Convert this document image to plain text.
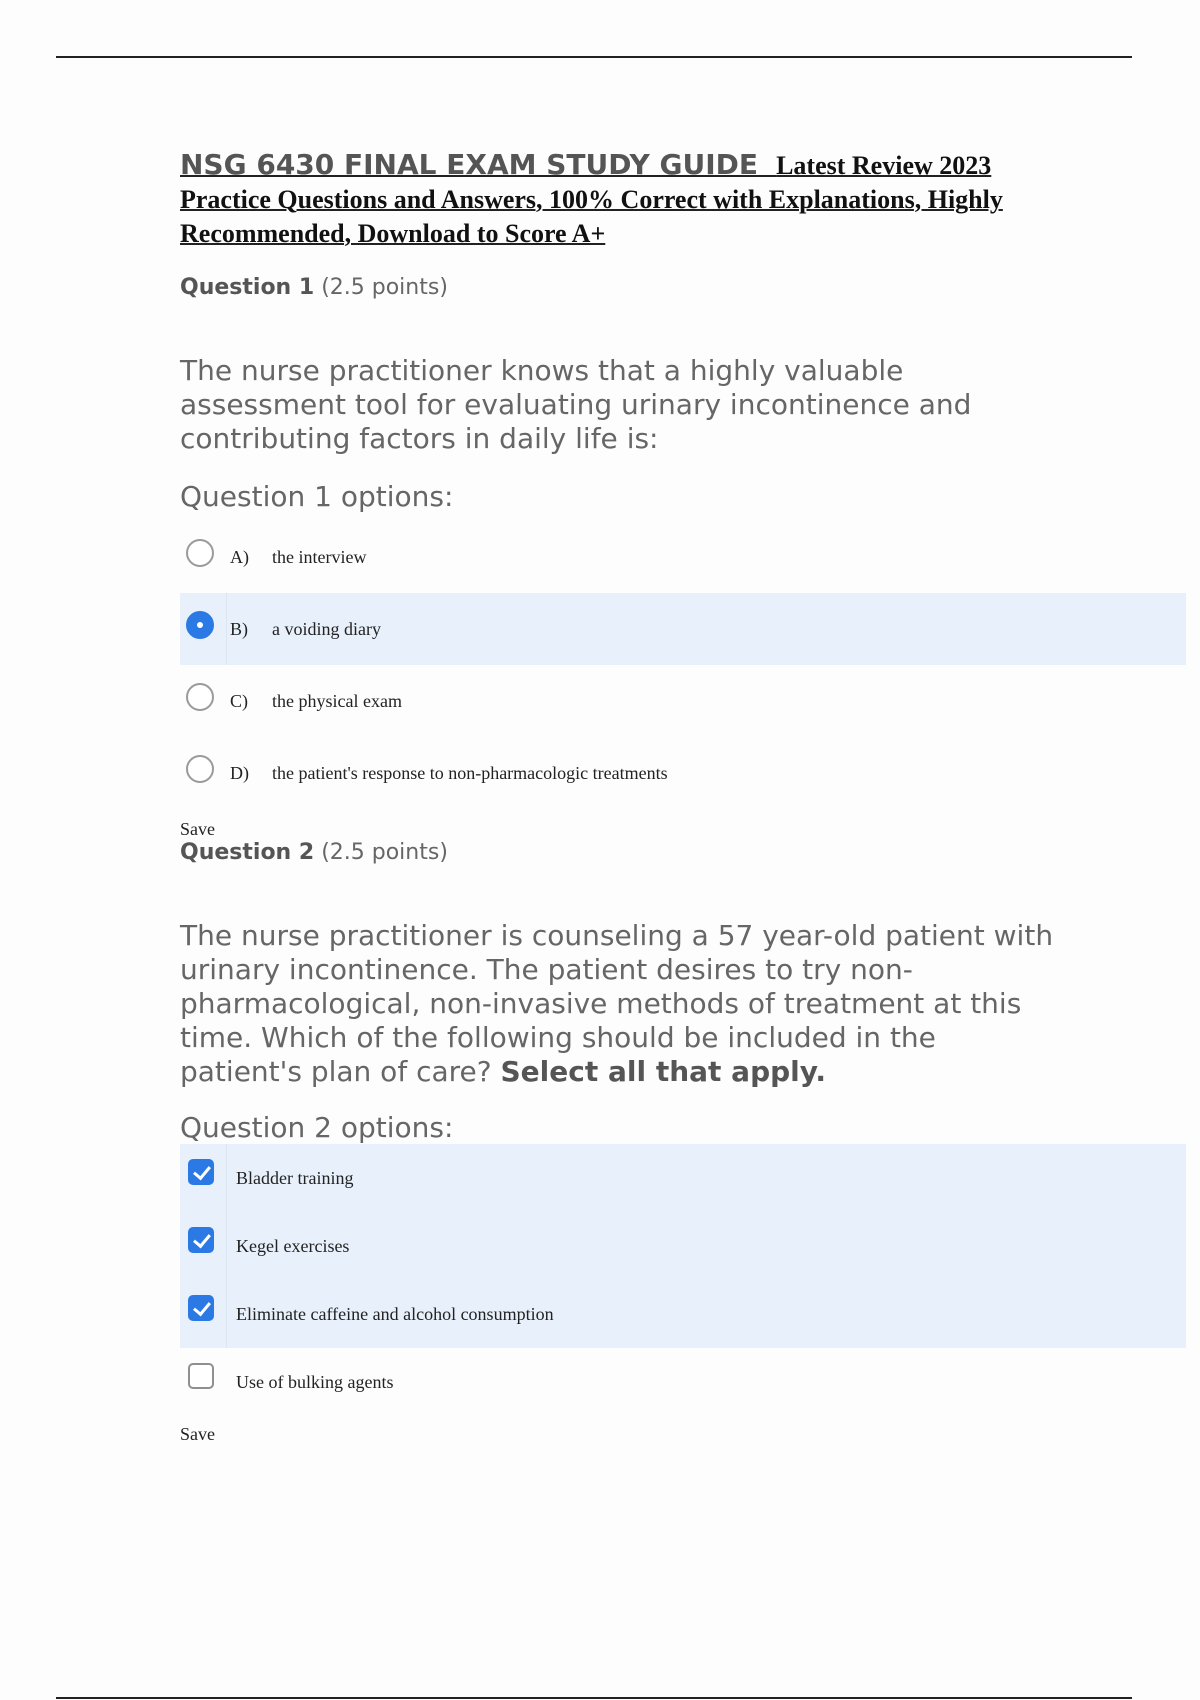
NSG 6430 FINAL EXAM STUDY GUIDE Latest Review 2023 Practice Questions and Answers, 100% Correct with Explanations, Highly Recommended, Download to Score A+
Question 1 (2.5 points)

The nurse practitioner knows that a highly valuable assessment tool for evaluating urinary incontinence and contributing factors in daily life is:

Question 1 options:
A)	the interview
B)	a voiding diary
C)	the physical exam
D)	the patient's response to non-pharmacologic treatments
Save
Question 2 (2.5 points)

The nurse practitioner is counseling a 57 year-old patient with urinary incontinence. The patient desires to try non-pharmacological, non-invasive methods of treatment at this time. Which of the following should be included in the patient's plan of care? Select all that apply.

Question 2 options:
Bladder training
Kegel exercises
Eliminate caffeine and alcohol consumption
Use of bulking agents
Save
